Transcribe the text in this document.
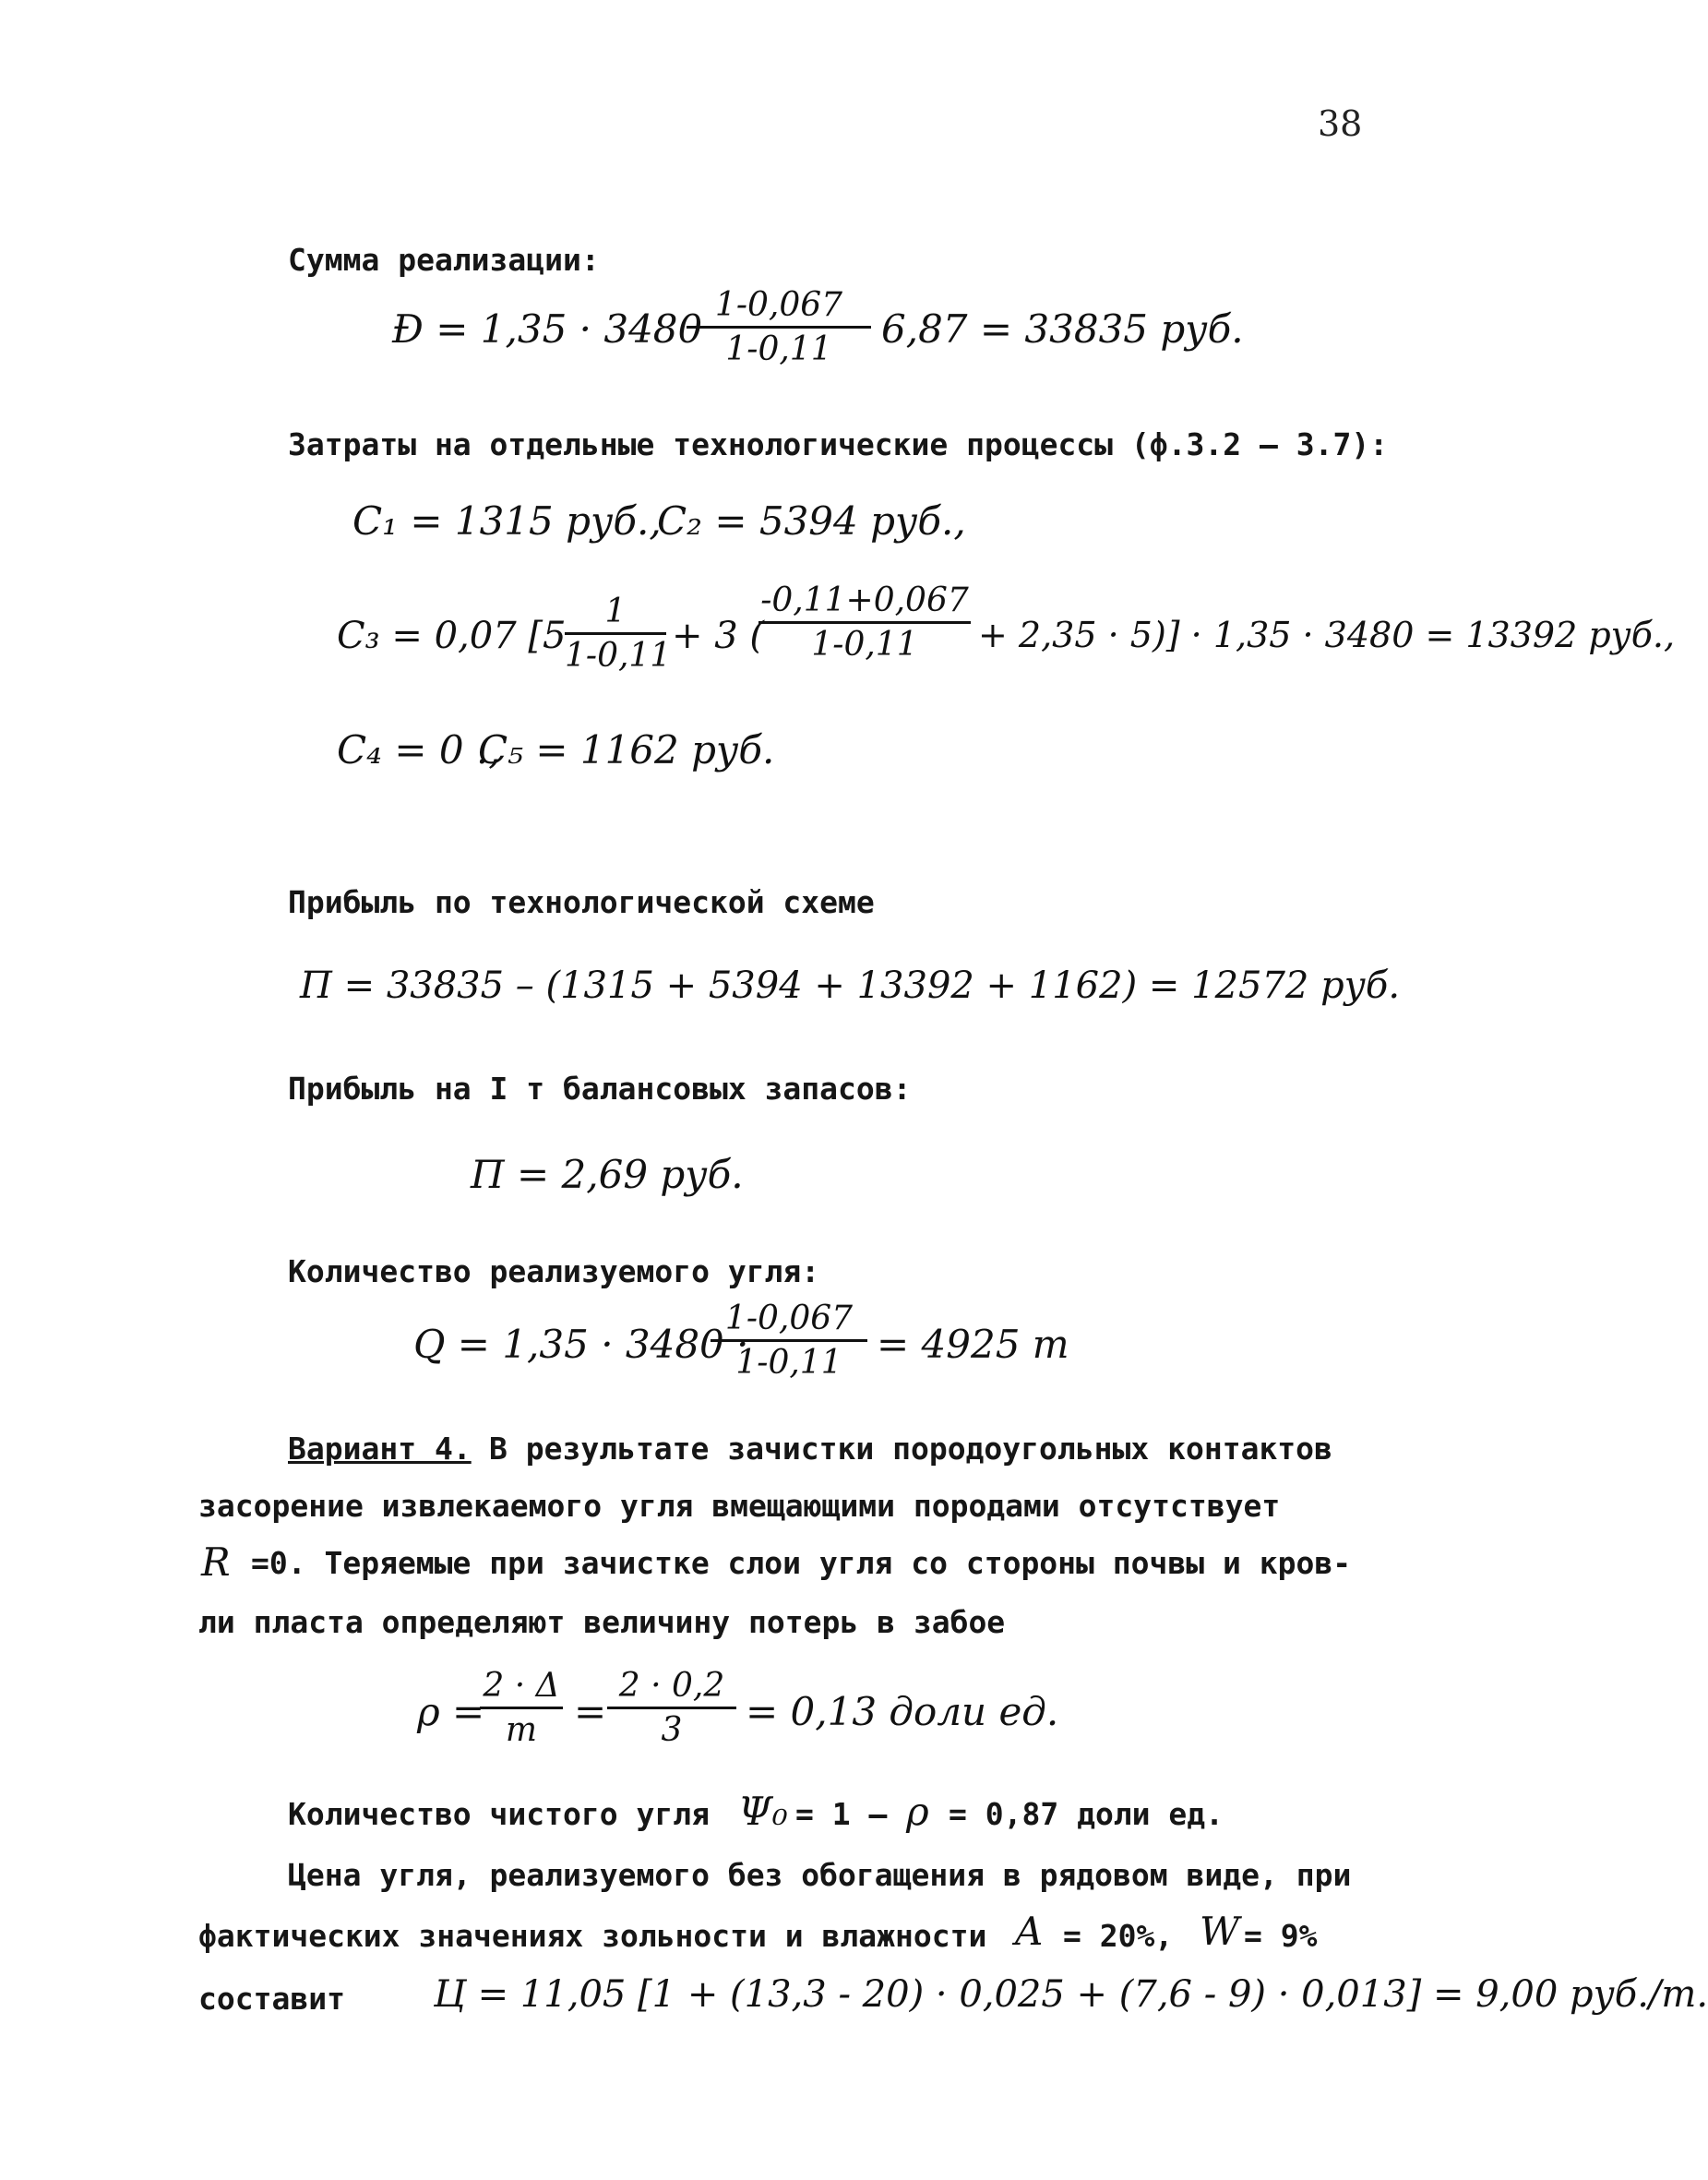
38
Сумма реализации:
Ð = 1,35 · 3480
1-0,067
1-0,11	6,87 = 33835 руб.
Затраты на отдельные технологические процессы (ф.3.2 – 3.7):
C₁ = 1315 руб.,
C₂ = 5394 руб.,
C₃ = 0,07 [5
1
1-0,11 + 3 (
-0,11+0,067
1-0,11	+ 2,35 · 5)] · 1,35 · 3480 = 13392 руб.,
C₄ = 0 .,
C₅ = 1162 руб.
Прибыль по технологической схеме
П = 33835 – (1315 + 5394 + 13392 + 1162) = 12572 руб.
Прибыль на I т балансовых запасов:
Π = 2,69 руб.
Количество реализуемого угля:
Q = 1,35 · 3480 ·
1-0,067
1-0,11 = 4925 т
Вариант 4. В результате зачистки породоугольных контактов
засорение извлекаемого угля вмещающими породами отсутствует
R =0. Теряемые при зачистке слои угля со стороны почвы и кров-
ли пласта определяют величину потерь в забое
ρ =
2 · Δ
m =
2 · 0,2
3	= 0,13 доли ед.
Количество чистого угля Ψ₀ = 1 – ρ = 0,87 доли ед.
Цена угля, реализуемого без обогащения в рядовом виде, при
фактических значениях зольности и влажности A = 20%, W = 9%
составит Ц = 11,05 [1 + (13,3 - 20) · 0,025 + (7,6 - 9) · 0,013] = 9,00 руб./т.
